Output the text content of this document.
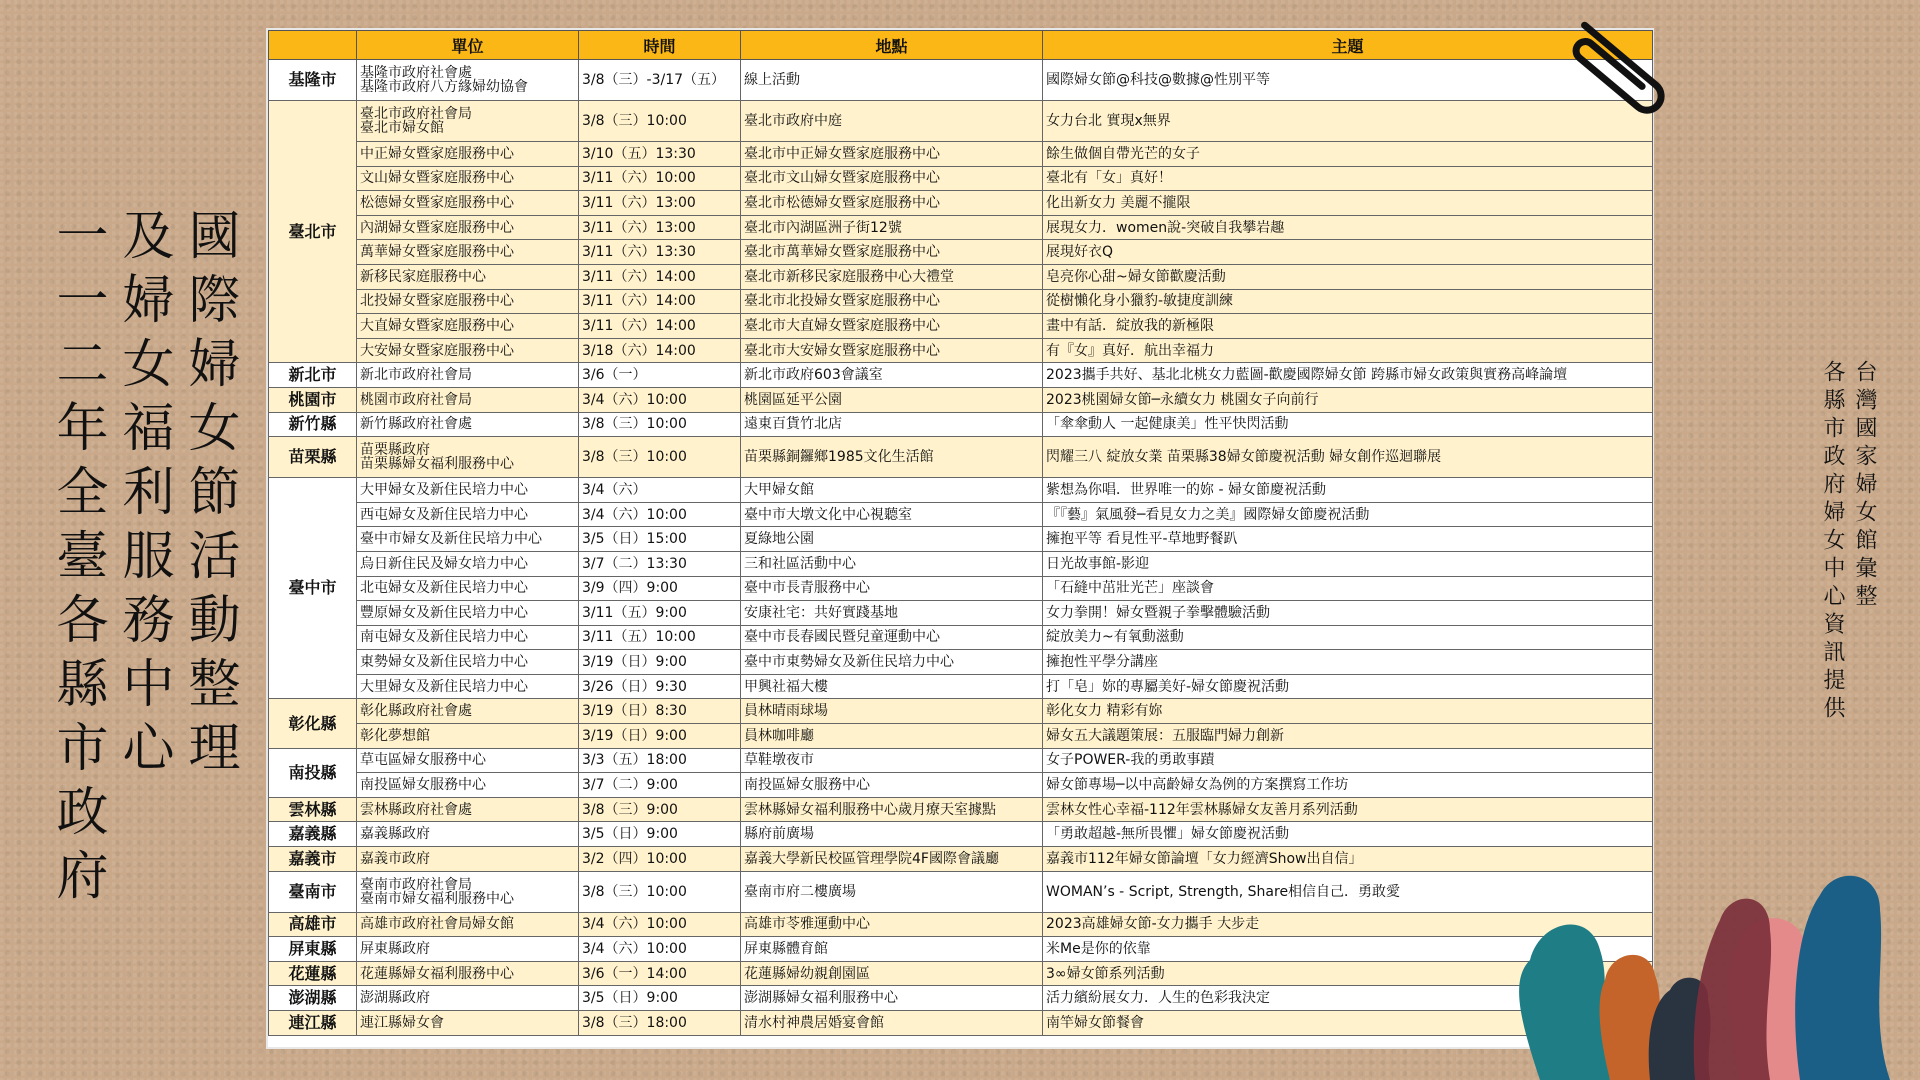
國際婦女節活動整理
及婦女福利服務中心
一一二年全臺各縣市政府
	單位	時間	地點	主題
基隆市	基隆市政府社會處
基隆市政府八方緣婦幼協會	3/8（三）-3/17（五）	線上活動	國際婦女節@科技@數據@性別平等
臺北市	臺北市政府社會局
臺北市婦女館	3/8（三）10:00	臺北市政府中庭	女力台北 實現x無界

	中正婦女暨家庭服務中心	3/10（五）13:30	臺北市中正婦女暨家庭服務中心	餘生做個自帶光芒的女子

	文山婦女暨家庭服務中心	3/11（六）10:00	臺北市文山婦女暨家庭服務中心	臺北有「女」真好！

	松德婦女暨家庭服務中心	3/11（六）13:00	臺北市松德婦女暨家庭服務中心	化出新女力 美麗不攏限

	內湖婦女暨家庭服務中心	3/11（六）13:00	臺北市內湖區洲子街12號	展現女力．women說-突破自我攀岩趣

	萬華婦女暨家庭服務中心	3/11（六）13:30	臺北市萬華婦女暨家庭服務中心	展現好衣Q

	新移民家庭服務中心	3/11（六）14:00	臺北市新移民家庭服務中心大禮堂	皂亮你心甜~婦女節歡慶活動

	北投婦女暨家庭服務中心	3/11（六）14:00	臺北市北投婦女暨家庭服務中心	從樹懶化身小獵豹-敏捷度訓練

	大直婦女暨家庭服務中心	3/11（六）14:00	臺北市大直婦女暨家庭服務中心	畫中有話．綻放我的新極限

	大安婦女暨家庭服務中心	3/18（六）14:00	臺北市大安婦女暨家庭服務中心	有『女』真好．航出幸福力
新北市	新北市政府社會局	3/6（一）	新北市政府603會議室	2023攜手共好、基北北桃女力藍圖-歡慶國際婦女節 跨縣市婦女政策與實務高峰論壇
桃園市	桃園市政府社會局	3/4（六）10:00	桃園區延平公園	2023桃園婦女節─永續女力 桃園女子向前行
新竹縣	新竹縣政府社會處	3/8（三）10:00	遠東百貨竹北店	「傘傘動人 一起健康美」性平快閃活動
苗栗縣	苗栗縣政府
苗栗縣婦女福利服務中心	3/8（三）10:00	苗栗縣銅鑼鄉1985文化生活館	閃耀三八 綻放女業 苗栗縣38婦女節慶祝活動 婦女創作巡迴聯展
臺中市	大甲婦女及新住民培力中心	3/4（六）	大甲婦女館	紫想為你唱．世界唯一的妳 - 婦女節慶祝活動

	西屯婦女及新住民培力中心	3/4（六）10:00	臺中市大墩文化中心視聽室	『『藝』氣風發─看見女力之美』國際婦女節慶祝活動

	臺中市婦女及新住民培力中心	3/5（日）15:00	夏綠地公園	擁抱平等 看見性平-草地野餐趴

	烏日新住民及婦女培力中心	3/7（二）13:30	三和社區活動中心	日光故事館-影迎

	北屯婦女及新住民培力中心	3/9（四）9:00	臺中市長青服務中心	「石縫中茁壯光芒」座談會

	豐原婦女及新住民培力中心	3/11（五）9:00	安康社宅：共好實踐基地	女力拳開！婦女暨親子拳擊體驗活動

	南屯婦女及新住民培力中心	3/11（五）10:00	臺中市長春國民暨兒童運動中心	綻放美力~有氧動滋動

	東勢婦女及新住民培力中心	3/19（日）9:00	臺中市東勢婦女及新住民培力中心	擁抱性平學分講座

	大里婦女及新住民培力中心	3/26（日）9:30	甲興社福大樓	打「皂」妳的專屬美好-婦女節慶祝活動
彰化縣	彰化縣政府社會處	3/19（日）8:30	員林晴雨球場	彰化女力 精彩有妳

	彰化夢想館	3/19（日）9:00	員林咖啡廳	婦女五大議題策展：五服臨門婦力創新
南投縣	草屯區婦女服務中心	3/3（五）18:00	草鞋墩夜市	女子POWER-我的勇敢事蹟

	南投區婦女服務中心	3/7（二）9:00	南投區婦女服務中心	婦女節專場─以中高齡婦女為例的方案撰寫工作坊
雲林縣	雲林縣政府社會處	3/8（三）9:00	雲林縣婦女福利服務中心歲月療天室據點	雲林女性心幸福-112年雲林縣婦女友善月系列活動
嘉義縣	嘉義縣政府	3/5（日）9:00	縣府前廣場	「勇敢超越-無所畏懼」婦女節慶祝活動
嘉義市	嘉義市政府	3/2（四）10:00	嘉義大學新民校區管理學院4F國際會議廳	嘉義市112年婦女節論壇「女力經濟Show出自信」
臺南市	臺南市政府社會局
臺南市婦女福利服務中心	3/8（三）10:00	臺南市府二樓廣場	WOMAN’s - Script, Strength, Share相信自己．勇敢愛
高雄市	高雄市政府社會局婦女館	3/4（六）10:00	高雄市苓雅運動中心	2023高雄婦女節-女力攜手 大步走
屏東縣	屏東縣政府	3/4（六）10:00	屏東縣體育館	米Me是你的依靠
花蓮縣	花蓮縣婦女福利服務中心	3/6（一）14:00	花蓮縣婦幼親創園區	3∞婦女節系列活動
澎湖縣	澎湖縣政府	3/5（日）9:00	澎湖縣婦女福利服務中心	活力繽紛展女力．人生的色彩我決定
連江縣	連江縣婦女會	3/8（三）18:00	清水村神農居婚宴會館	南竿婦女節餐會
台灣國家婦女館彙整
各縣市政府婦女中心資訊提供
